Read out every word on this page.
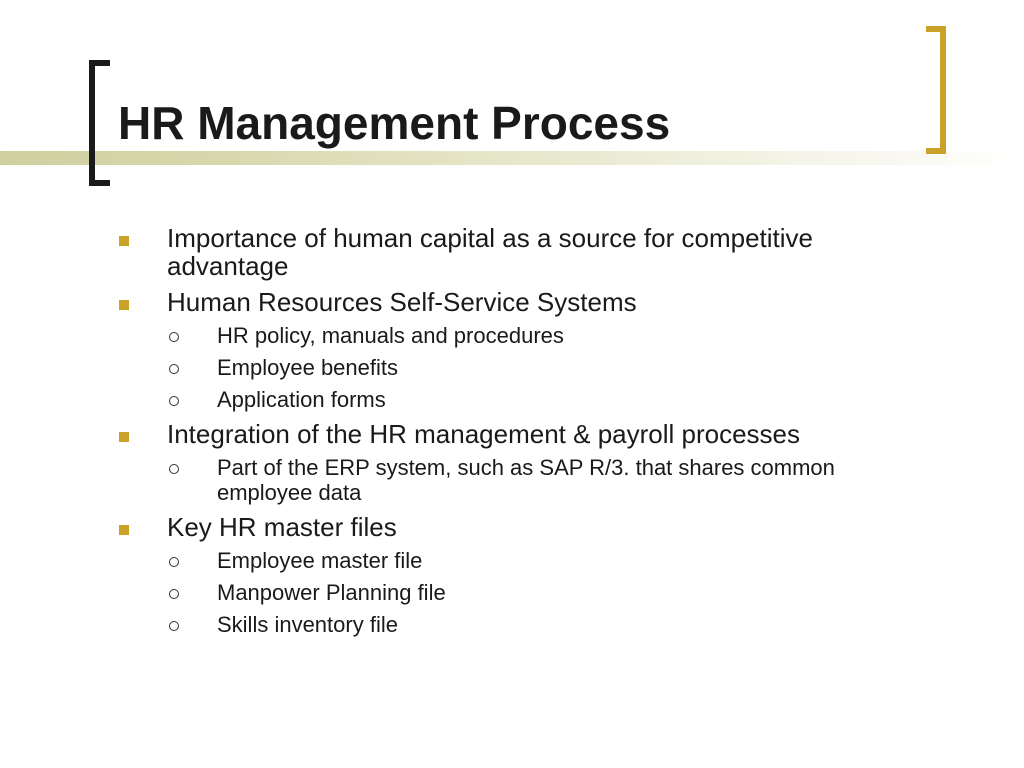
HR Management Process
Importance of human capital as a source for competitive advantage
Human Resources Self-Service Systems
HR policy, manuals and procedures
Employee benefits
Application forms
Integration of the HR management & payroll processes
Part of the ERP system, such as SAP R/3. that shares common employee data
Key HR master files
Employee master file
Manpower Planning file
Skills inventory file
